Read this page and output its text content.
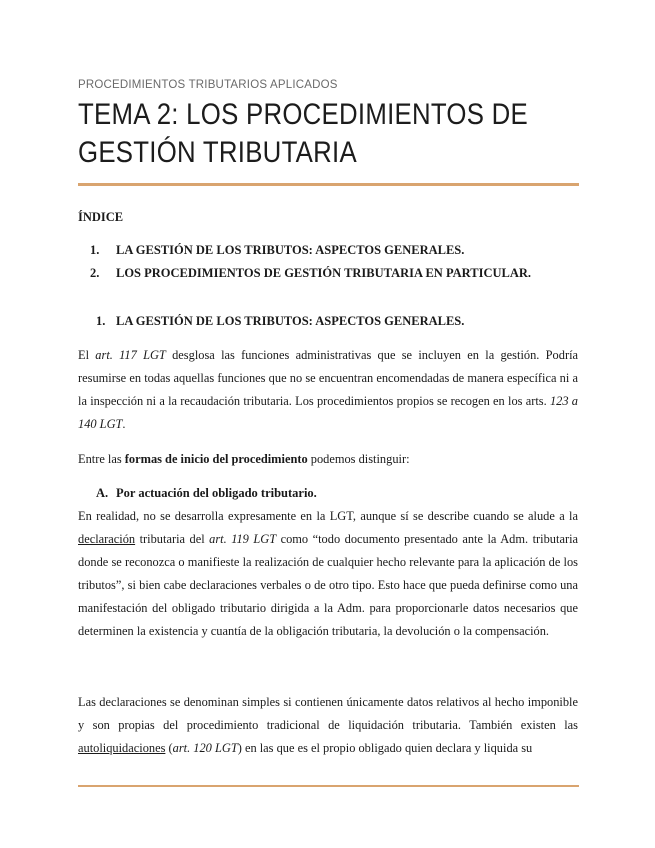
PROCEDIMIENTOS TRIBUTARIOS APLICADOS
TEMA 2: LOS PROCEDIMIENTOS DE GESTIÓN TRIBUTARIA
ÍNDICE
1. LA GESTIÓN DE LOS TRIBUTOS: ASPECTOS GENERALES.
2. LOS PROCEDIMIENTOS DE GESTIÓN TRIBUTARIA EN PARTICULAR.
1. LA GESTIÓN DE LOS TRIBUTOS: ASPECTOS GENERALES.
El art. 117 LGT desglosa las funciones administrativas que se incluyen en la gestión. Podría resumirse en todas aquellas funciones que no se encuentran encomendadas de manera específica ni a la inspección ni a la recaudación tributaria. Los procedimientos propios se recogen en los arts. 123 a 140 LGT.
Entre las formas de inicio del procedimiento podemos distinguir:
A. Por actuación del obligado tributario.
En realidad, no se desarrolla expresamente en la LGT, aunque sí se describe cuando se alude a la declaración tributaria del art. 119 LGT como “todo documento presentado ante la Adm. tributaria donde se reconozca o manifieste la realización de cualquier hecho relevante para la aplicación de los tributos”, si bien cabe declaraciones verbales o de otro tipo. Esto hace que pueda definirse como una manifestación del obligado tributario dirigida a la Adm. para proporcionarle datos necesarios que determinen la existencia y cuantía de la obligación tributaria, la devolución o la compensación.
Las declaraciones se denominan simples si contienen únicamente datos relativos al hecho imponible y son propias del procedimiento tradicional de liquidación tributaria. También existen las autoliquidaciones (art. 120 LGT) en las que es el propio obligado quien declara y liquida su
